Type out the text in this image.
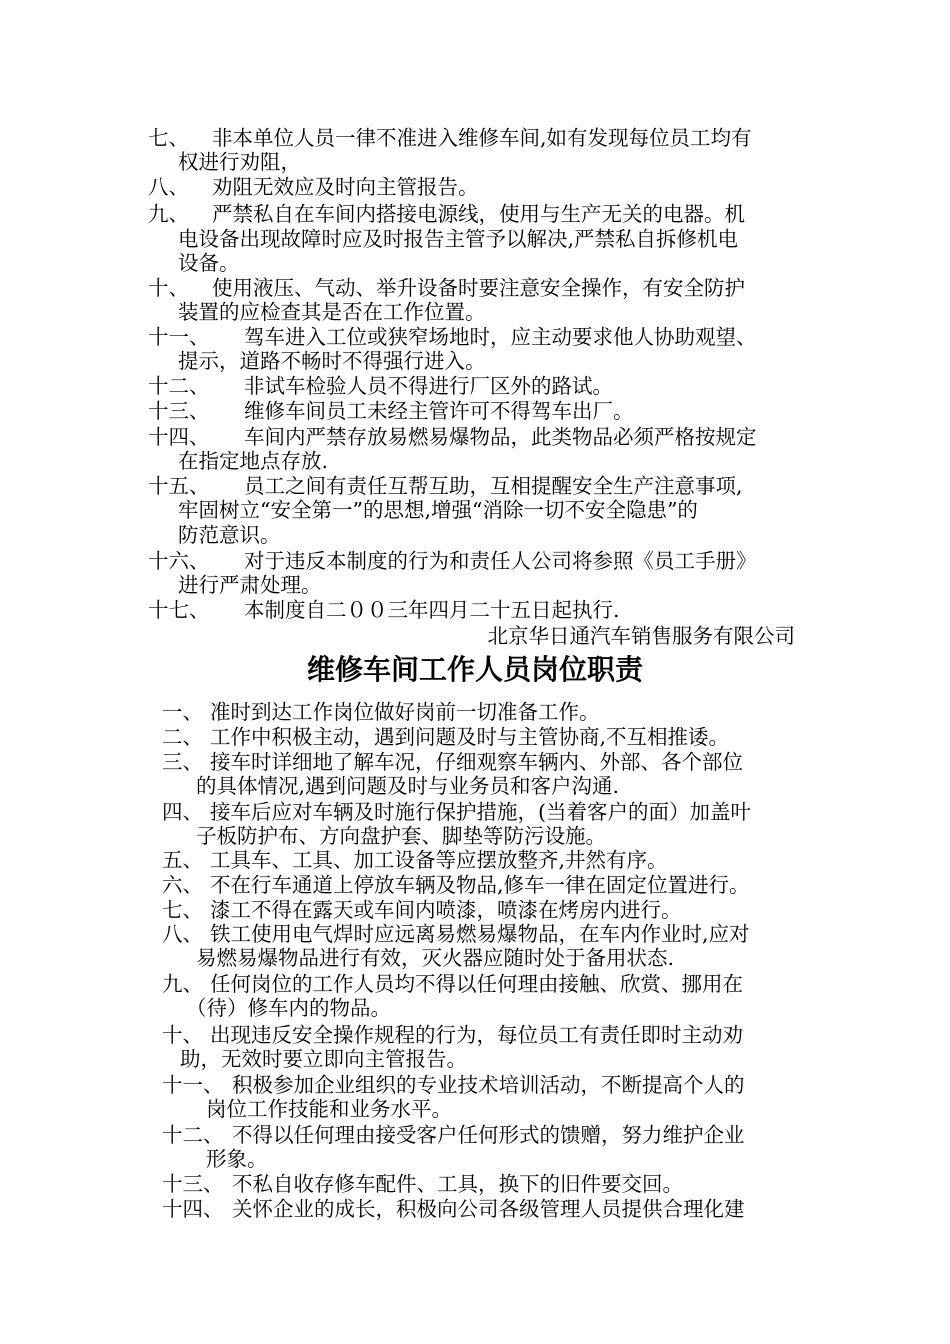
七、 非本单位人员一律不准进入维修车间,如有发现每位员工均有
权进行劝阻，
八、 劝阻无效应及时向主管报告。
九、 严禁私自在车间内搭接电源线，使用与生产无关的电器。机
电设备出现故障时应及时报告主管予以解决,严禁私自拆修机电
设备。
十、 使用液压、气动、举升设备时要注意安全操作，有安全防护
装置的应检查其是否在工作位置。
十一、 驾车进入工位或狭窄场地时，应主动要求他人协助观望、
提示，道路不畅时不得强行进入。
十二、 非试车检验人员不得进行厂区外的路试。
十三、 维修车间员工未经主管许可不得驾车出厂。
十四、 车间内严禁存放易燃易爆物品，此类物品必须严格按规定
在指定地点存放.
十五、 员工之间有责任互帮互助，互相提醒安全生产注意事项,
牢固树立“安全第一”的思想,增强“消除一切不安全隐患”的
防范意识。
十六、 对于违反本制度的行为和责任人公司将参照《员工手册》
进行严肃处理。
十七、 本制度自二００三年四月二十五日起执行.
北京华日通汽车销售服务有限公司
维修车间工作人员岗位职责
一、 准时到达工作岗位做好岗前一切准备工作。
二、 工作中积极主动，遇到问题及时与主管协商,不互相推诿。
三、 接车时详细地了解车况，仔细观察车辆内、外部、各个部位
的具体情况,遇到问题及时与业务员和客户沟通.
四、 接车后应对车辆及时施行保护措施，(当着客户的面）加盖叶
子板防护布、方向盘护套、脚垫等防污设施。
五、 工具车、工具、加工设备等应摆放整齐,井然有序。
六、 不在行车通道上停放车辆及物品,修车一律在固定位置进行。
七、 漆工不得在露天或车间内喷漆，喷漆在烤房内进行。
八、 铁工使用电气焊时应远离易燃易爆物品，在车内作业时,应对
易燃易爆物品进行有效，灭火器应随时处于备用状态.
九、 任何岗位的工作人员均不得以任何理由接触、欣赏、挪用在
（待）修车内的物品。
十、 出现违反安全操作规程的行为，每位员工有责任即时主动劝
助，无效时要立即向主管报告。
十一、 积极参加企业组织的专业技术培训活动，不断提高个人的
岗位工作技能和业务水平。
十二、 不得以任何理由接受客户任何形式的馈赠，努力维护企业
形象。
十三、 不私自收存修车配件、工具，换下的旧件要交回。
十四、 关怀企业的成长，积极向公司各级管理人员提供合理化建
